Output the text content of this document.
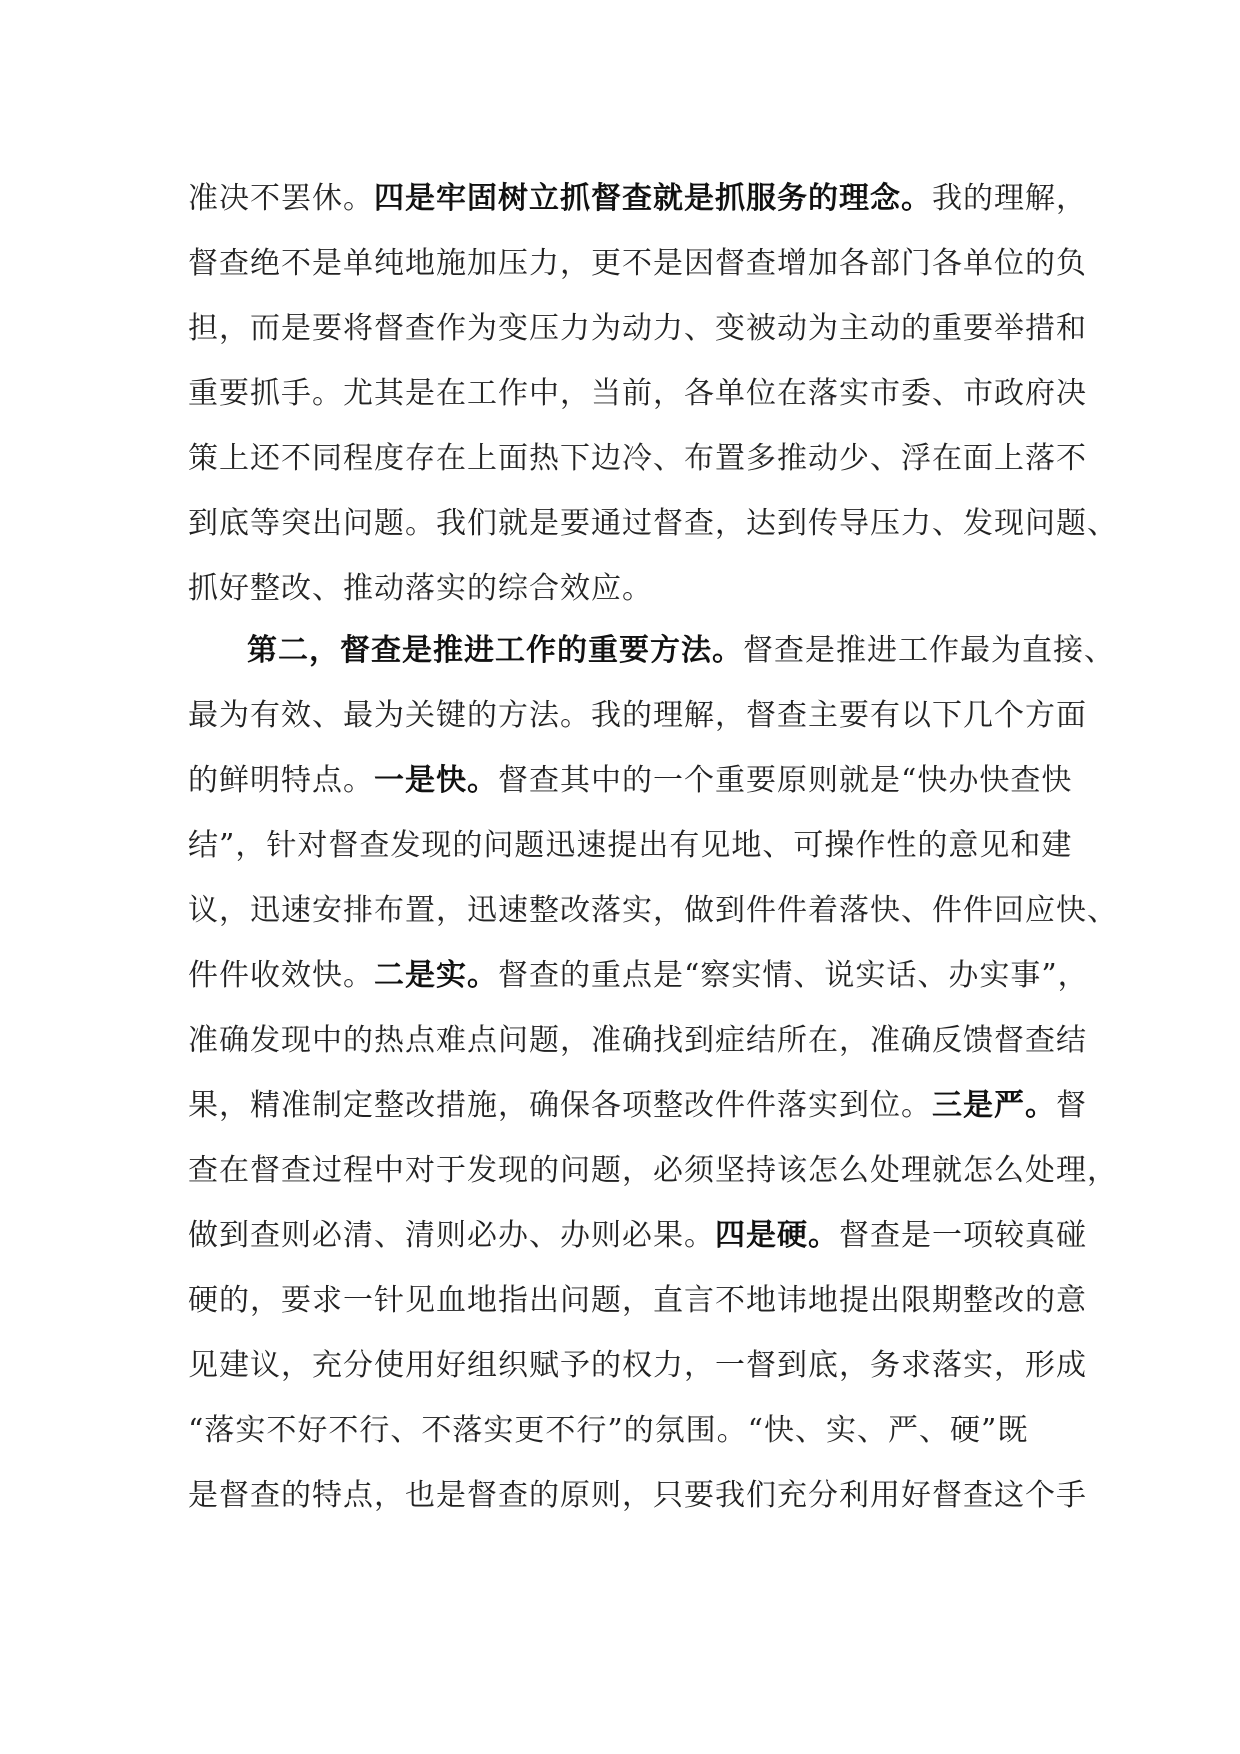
准决不罢休。四是牢固树立抓督查就是抓服务的理念。我的理解，
督查绝不是单纯地施加压力，更不是因督查增加各部门各单位的负
担，而是要将督查作为变压力为动力、变被动为主动的重要举措和
重要抓手。尤其是在工作中，当前，各单位在落实市委、市政府决
策上还不同程度存在上面热下边冷、布置多推动少、浮在面上落不
到底等突出问题。我们就是要通过督查，达到传导压力、发现问题、
抓好整改、推动落实的综合效应。
第二，督查是推进工作的重要方法。督查是推进工作最为直接、
最为有效、最为关键的方法。我的理解，督查主要有以下几个方面
的鲜明特点。一是快。督查其中的一个重要原则就是“快办快查快
结”，针对督查发现的问题迅速提出有见地、可操作性的意见和建
议，迅速安排布置，迅速整改落实，做到件件着落快、件件回应快、
件件收效快。二是实。督查的重点是“察实情、说实话、办实事”，
准确发现中的热点难点问题，准确找到症结所在，准确反馈督查结
果，精准制定整改措施，确保各项整改件件落实到位。三是严。督
查在督查过程中对于发现的问题，必须坚持该怎么处理就怎么处理，
做到查则必清、清则必办、办则必果。四是硬。督查是一项较真碰
硬的，要求一针见血地指出问题，直言不地讳地提出限期整改的意
见建议，充分使用好组织赋予的权力，一督到底，务求落实，形成
“落实不好不行、不落实更不行”的氛围。“快、实、严、硬”既
是督查的特点，也是督查的原则，只要我们充分利用好督查这个手
